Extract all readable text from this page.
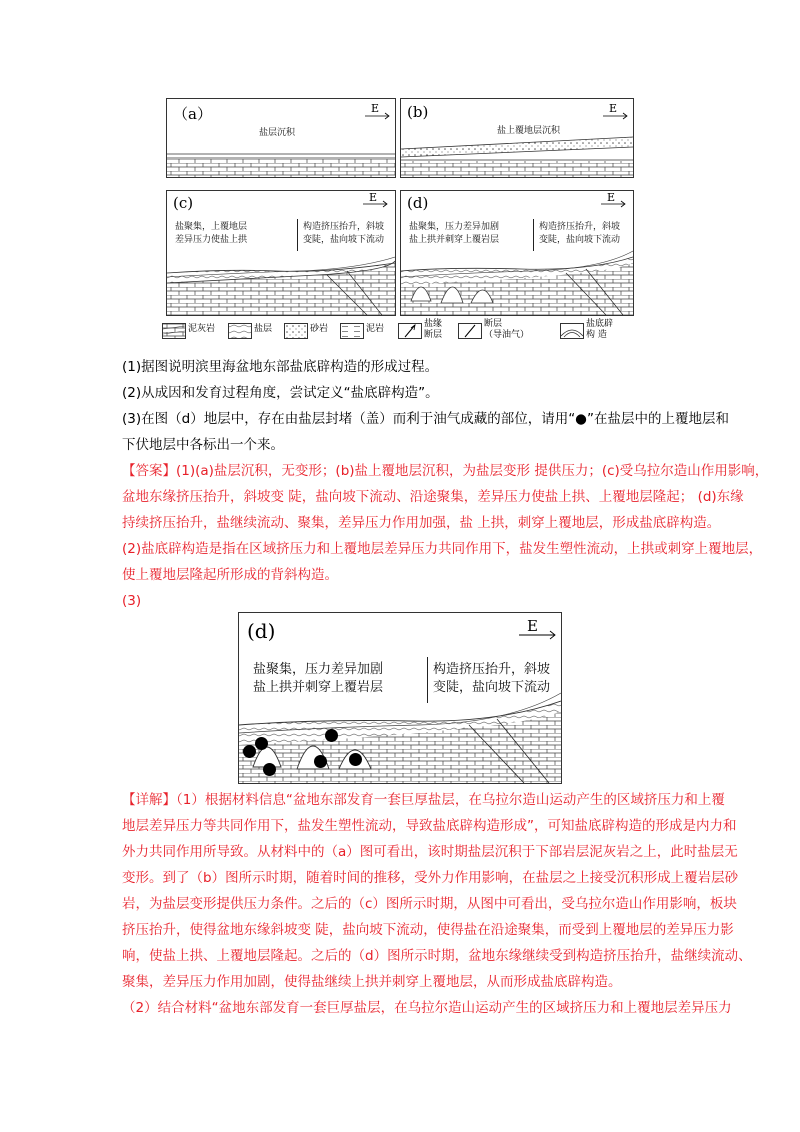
（a）	E
盐层沉积
(b)	E
盐上覆地层沉积
(c)	E
盐聚集，上覆地层
差异压力使盐上拱
构造挤压抬升，斜坡
变陡，盐向坡下流动
(d)	E
盐聚集，压力差异加剧
盐上拱并刺穿上覆岩层
构造挤压抬升，斜坡
变陡，盐向坡下流动
泥灰岩	盐层	砂岩	泥岩	盐缘
断层
断层
（导油气）
盐底辟
构 造
(1)据图说明滨里海盆地东部盐底辟构造的形成过程。
(2)从成因和发育过程角度，尝试定义“盐底辟构造”。
(3)在图（d）地层中，存在由盐层封堵（盖）而利于油气成藏的部位，请用“●”在盐层中的上覆地层和
下伏地层中各标出一个来。
【答案】(1)(a)盐层沉积，无变形；(b)盐上覆地层沉积，为盐层变形 提供压力；(c)受乌拉尔造山作用影响，
盆地东缘挤压抬升，斜坡变 陡，盐向坡下流动、沿途聚集，差异压力使盐上拱、上覆地层隆起； (d)东缘
持续挤压抬升，盐继续流动、聚集，差异压力作用加强，盐 上拱，刺穿上覆地层，形成盐底辟构造。
(2)盐底辟构造是指在区域挤压力和上覆地层差异压力共同作用下，盐发生塑性流动，上拱或刺穿上覆地层，
使上覆地层隆起所形成的背斜构造。
(3)
(d)	E
盐聚集，压力差异加剧
盐上拱并刺穿上覆岩层
构造挤压抬升，斜坡
变陡，盐向坡下流动
【详解】（1）根据材料信息“盆地东部发育一套巨厚盐层，在乌拉尔造山运动产生的区域挤压力和上覆
地层差异压力等共同作用下，盐发生塑性流动，导致盐底辟构造形成”，可知盐底辟构造的形成是内力和
外力共同作用所导致。从材料中的（a）图可看出，该时期盐层沉积于下部岩层泥灰岩之上，此时盐层无
变形。到了（b）图所示时期，随着时间的推移，受外力作用影响，在盐层之上接受沉积形成上覆岩层砂
岩，为盐层变形提供压力条件。之后的（c）图所示时期，从图中可看出，受乌拉尔造山作用影响，板块
挤压抬升，使得盆地东缘斜坡变 陡，盐向坡下流动，使得盐在沿途聚集，而受到上覆地层的差异压力影
响，使盐上拱、上覆地层隆起。之后的（d）图所示时期，盆地东缘继续受到构造挤压抬升，盐继续流动、
聚集，差异压力作用加剧，使得盐继续上拱并刺穿上覆地层，从而形成盐底辟构造。
（2）结合材料“盆地东部发育一套巨厚盐层，在乌拉尔造山运动产生的区域挤压力和上覆地层差异压力
